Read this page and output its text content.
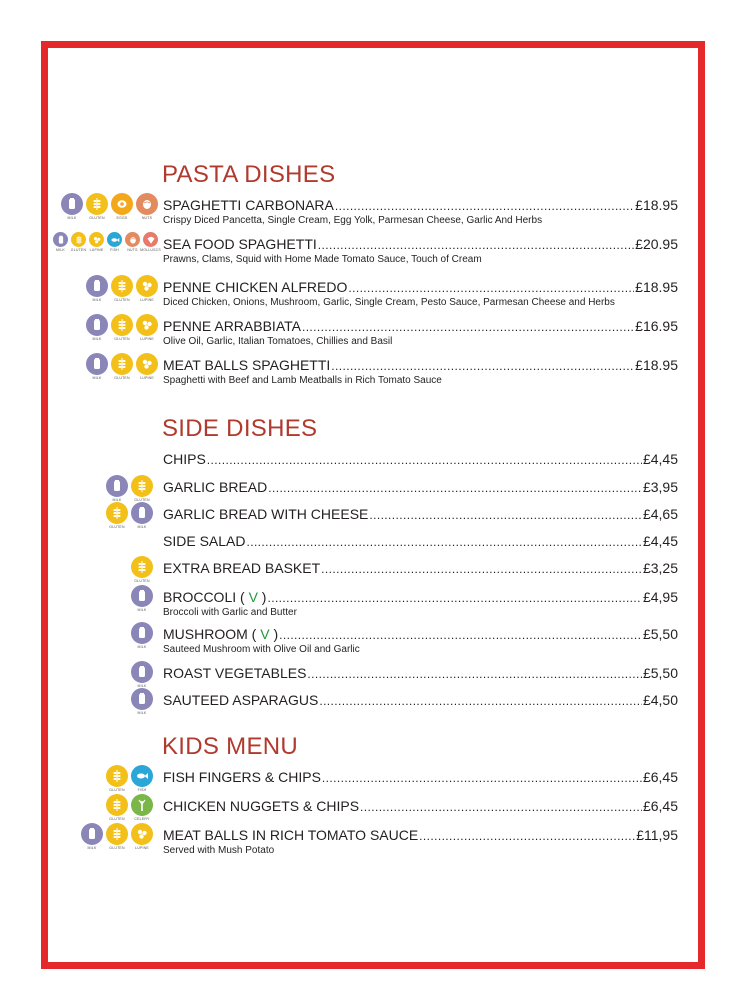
PASTA DISHES
SPAGHETTI CARBONARA .....	£18.95
Crispy Diced Pancetta, Single Cream, Egg Yolk, Parmesan Cheese, Garlic And Herbs
MILK	GLUTEN	EGGS	NUTS
SEA FOOD SPAGHETTI .....	£20.95
Prawns, Clams, Squid with Home Made Tomato Sauce, Touch of Cream
MILK GLUTEN LUPINE FISH NUTS MOLLUSCS
PENNE CHICKEN ALFREDO .....	£18.95
Diced Chicken, Onions, Mushroom, Garlic, Single Cream, Pesto Sauce, Parmesan Cheese and Herbs
MILK	GLUTEN	LUPINE
PENNE ARRABBIATA .....	£16.95
Olive Oil, Garlic, Italian Tomatoes, Chillies and Basil
MILK	GLUTEN	LUPINE
MEAT BALLS SPAGHETTI .....	£18.95
Spaghetti with Beef and Lamb Meatballs in Rich Tomato Sauce
MILK	GLUTEN	LUPINE
SIDE DISHES
CHIPS .....	£4,45
GARLIC BREAD .....	£3,95
MILK	GLUTEN
GARLIC BREAD WITH CHEESE .....	£4,65
GLUTEN	MILK
SIDE SALAD .....	£4,45
EXTRA BREAD BASKET .....	£3,25
GLUTEN
BROCCOLI ( V ) .....	£4,95
Broccoli with Garlic and Butter
MILK
MUSHROOM ( V ) .....	£5,50
Sauteed Mushroom with Olive Oil and Garlic
MILK
ROAST VEGETABLES .....	£5,50
MILK
SAUTEED ASPARAGUS .....	£4,50
MILK
KIDS MENU
FISH FINGERS & CHIPS .....	£6,45
GLUTEN	FISH
CHICKEN NUGGETS & CHIPS .....	£6,45
GLUTEN	CELERY
MEAT BALLS IN RICH TOMATO SAUCE .....	£11,95
Served with Mush Potato
MILK	GLUTEN	LUPINE
